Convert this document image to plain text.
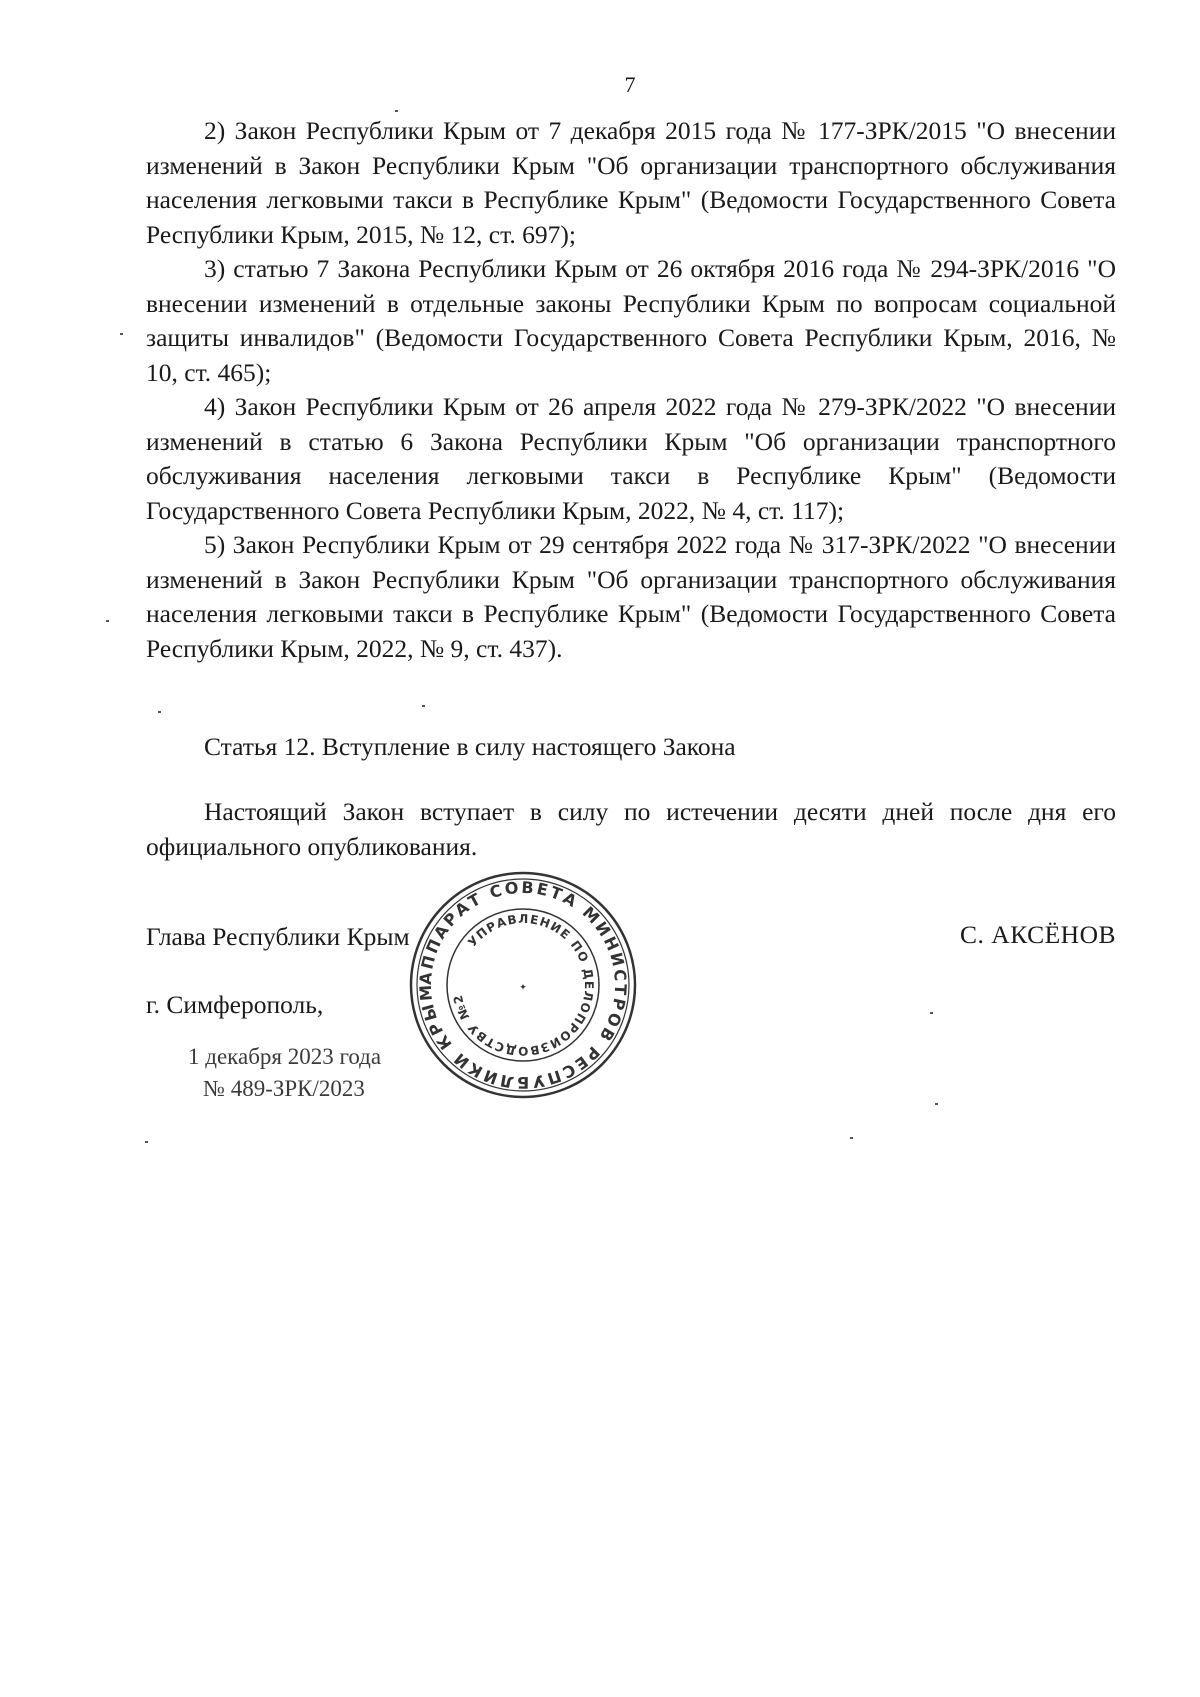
7

2) Закон Республики Крым от 7 декабря 2015 года № 177-ЗРК/2015 "О внесении изменений в Закон Республики Крым "Об организации транспортного обслуживания населения легковыми такси в Республике Крым" (Ведомости Государственного Совета Республики Крым, 2015, № 12, ст. 697);

3) статью 7 Закона Республики Крым от 26 октября 2016 года № 294-ЗРК/2016 "О внесении изменений в отдельные законы Республики Крым по вопросам социальной защиты инвалидов" (Ведомости Государственного Совета Республики Крым, 2016, № 10, ст. 465);

4) Закон Республики Крым от 26 апреля 2022 года № 279-ЗРК/2022 "О внесении изменений в статью 6 Закона Республики Крым "Об организации транспортного обслуживания населения легковыми такси в Республике Крым" (Ведомости Государственного Совета Республики Крым, 2022, № 4, ст. 117);

5) Закон Республики Крым от 29 сентября 2022 года № 317-ЗРК/2022 "О внесении изменений в Закон Республики Крым "Об организации транспортного обслуживания населения легковыми такси в Республике Крым" (Ведомости Государственного Совета Республики Крым, 2022, № 9, ст. 437).

Статья 12. Вступление в силу настоящего Закона
Настоящий Закон вступает в силу по истечении десяти дней после дня его официального опубликования.
Глава Республики Крым	С. АКСЁНОВ
г. Симферополь,
1 декабря 2023 года
№ 489-ЗРК/2023
АППАРАТ СОВЕТА МИНИСТРОВ РЕСПУБЛИКИ КРЫМ
УПРАВЛЕНИЕ ПО ДЕЛОПРОИЗВОДСТВУ №2
✦
